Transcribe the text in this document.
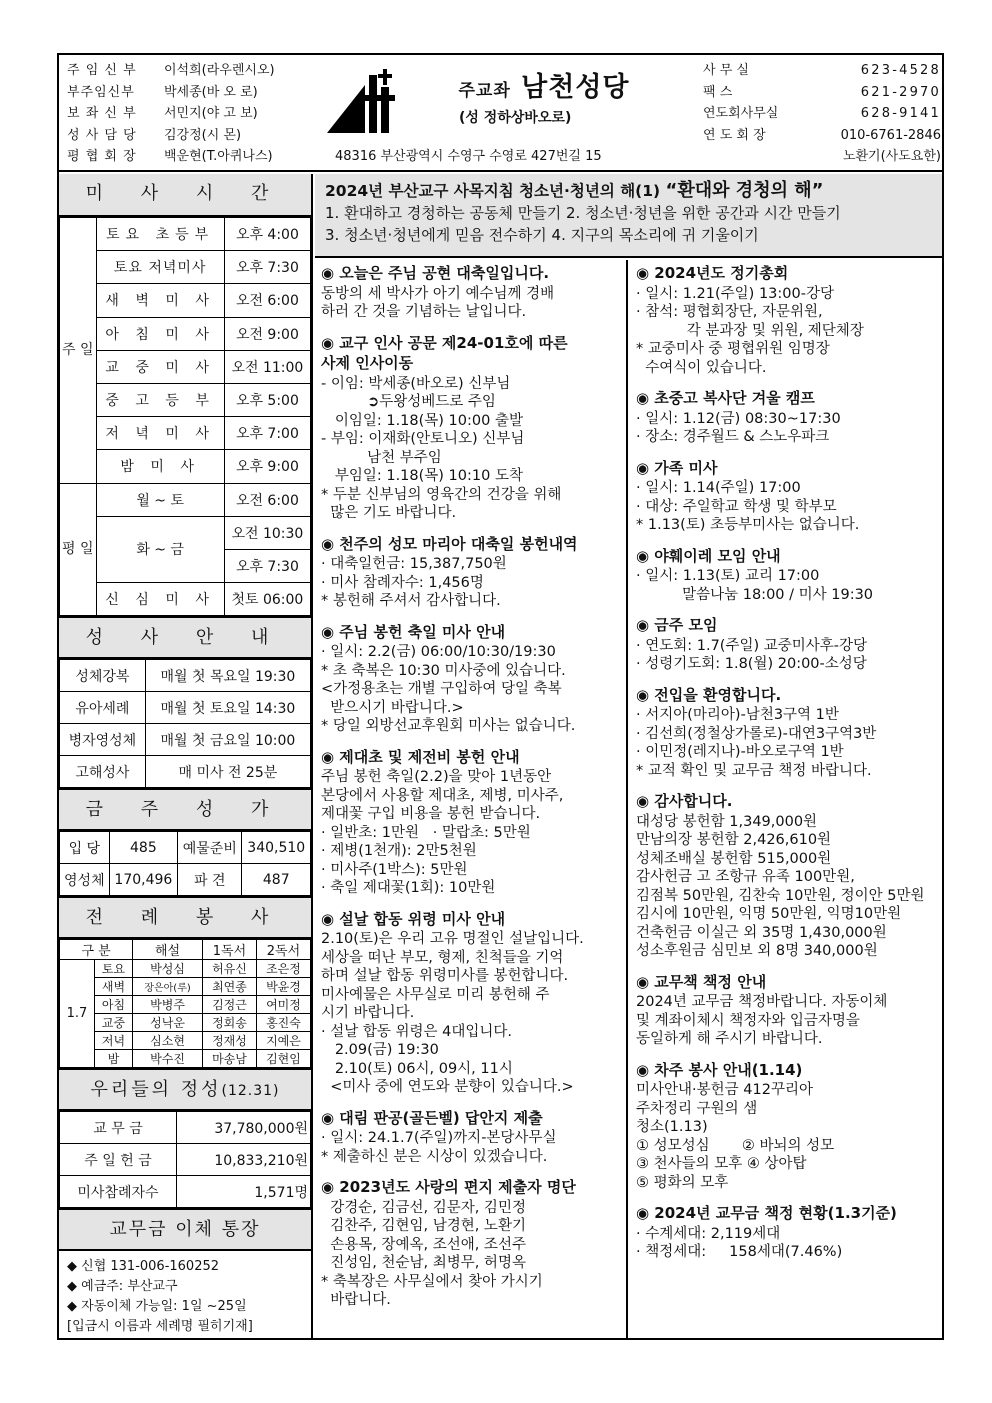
주 임 신 부	이석희(라우렌시오)
부주임신부	박세종(바 오 로)
보 좌 신 부	서민지(야 고 보)
성 사 담 당	김강정(시 몬)
평 협 회 장	백운현(T.아퀴나스)
주교좌 남천성당
(성 정하상바오로)
48316 부산광역시 수영구 수영로 427번길 15
사 무 실	623-4528
팩 스	621-2970
연도회사무실	628-9141
연 도 회 장	010-6761-2846
노환기(사도요한)
미 사 시 간
주 일	토요 초등부	오후 4:00
	토요 저녁미사	오후 7:30
	새 벽 미 사	오전 6:00
	아 침 미 사	오전 9:00
	교 중 미 사	오전 11:00
	중 고 등 부	오후 5:00
	저 녁 미 사	오후 7:00
	밤 미 사	오후 9:00
평 일	월 ~ 토	오전 6:00
	화 ~ 금	오전 10:30
		오후 7:30
	신 심 미 사	첫토 06:00
성 사 안 내
성체강복	매월 첫 목요일 19:30
유아세례	매월 첫 토요일 14:30
병자영성체	매월 첫 금요일 10:00
고해성사	매 미사 전 25분
금 주 성 가
입 당	485	예물준비	340,510
영성체	170,496	파 견	487
전 례 봉 사
구 분		해설	1독서	2독서
1.7	토요	박성심	허유신	조은정
	새벽	장은아(루)	최연종	박윤경
	아침	박병주	김정근	여미정
	교중	성낙운	정회송	홍진숙
	저녁	심소현	정재성	지예은
	밤	박수진	마송남	김현임
우리들의 정성(12.31)
교 무 금	37,780,000원
주 일 헌 금	10,833,210원
미사참례자수	1,571명
교무금 이체 통장
◆ 신협 131-006-160252
◆ 예금주: 부산교구
◆ 자동이체 가능일: 1일 ~25일
[입금시 이름과 세례명 필히기재]
2024년 부산교구 사목지침 청소년·청년의 해(1) “환대와 경청의 해”
1. 환대하고 경청하는 공동체 만들기 2. 청소년·청년을 위한 공간과 시간 만들기
3. 청소년·청년에게 믿음 전수하기 4. 지구의 목소리에 귀 기울이기
◉ 오늘은 주님 공현 대축일입니다.

동방의 세 박사가 아기 예수님께 경배

하러 간 것을 기념하는 날입니다.

◉ 교구 인사 공문 제24-01호에 따른
사제 인사이동

- 이임: 박세종(바오로) 신부님

➲두왕성베드로 주임

이임일: 1.18(목) 10:00 출발

- 부임: 이재화(안토니오) 신부님

남천 부주임

부임일: 1.18(목) 10:10 도착

* 두분 신부님의 영육간의 건강을 위해

많은 기도 바랍니다.

◉ 천주의 성모 마리아 대축일 봉헌내역

· 대축일헌금: 15,387,750원

· 미사 참례자수: 1,456명

* 봉헌해 주셔서 감사합니다.

◉ 주님 봉헌 축일 미사 안내

· 일시: 2.2(금) 06:00/10:30/19:30

* 초 축복은 10:30 미사중에 있습니다.

<가정용초는 개별 구입하여 당일 축복

받으시기 바랍니다.>

* 당일 외방선교후원회 미사는 없습니다.

◉ 제대초 및 제전비 봉헌 안내

주님 봉헌 축일(2.2)을 맞아 1년동안

본당에서 사용할 제대초, 제병, 미사주,

제대꽃 구입 비용을 봉헌 받습니다.

· 일반초: 1만원   · 말랍초: 5만원

· 제병(1천개): 2만5천원

· 미사주(1박스): 5만원

· 축일 제대꽃(1회): 10만원

◉ 설날 합동 위령 미사 안내

2.10(토)은 우리 고유 명절인 설날입니다.

세상을 떠난 부모, 형제, 친척들을 기억

하며 설날 합동 위령미사를 봉헌합니다.

미사예물은 사무실로 미리 봉헌해 주

시기 바랍니다.

· 설날 합동 위령은 4대입니다.

2.09(금) 19:30

2.10(토) 06시, 09시, 11시

<미사 중에 연도와 분향이 있습니다.>

◉ 대림 판공(골든벨) 답안지 제출

· 일시: 24.1.7(주일)까지-본당사무실

* 제출하신 분은 시상이 있겠습니다.

◉ 2023년도 사랑의 편지 제출자 명단

강경순, 김금선, 김문자, 김민정

김찬주, 김현임, 남경현, 노환기

손용목, 장예옥, 조선애, 조선주

진성임, 천순남, 최병무, 허명옥

* 축복장은 사무실에서 찾아 가시기

바랍니다.

◉ 2024년도 정기총회

· 일시: 1.21(주일) 13:00-강당

· 참석: 평협회장단, 자문위원,

각 분과장 및 위원, 제단체장

* 교중미사 중 평협위원 임명장

수여식이 있습니다.

◉ 초중고 복사단 겨울 캠프

· 일시: 1.12(금) 08:30~17:30

· 장소: 경주월드 & 스노우파크

◉ 가족 미사

· 일시: 1.14(주일) 17:00

· 대상: 주일학교 학생 및 학부모

* 1.13(토) 초등부미사는 없습니다.

◉ 야훼이레 모임 안내

· 일시: 1.13(토) 교리 17:00

말씀나눔 18:00 / 미사 19:30

◉ 금주 모임

· 연도회: 1.7(주일) 교중미사후-강당

· 성령기도회: 1.8(월) 20:00-소성당

◉ 전입을 환영합니다.

· 서지아(마리아)-남천3구역 1반

· 김선희(정철상가롤로)-대연3구역3반

· 이민정(레지나)-바오로구역 1반

* 교적 확인 및 교무금 책정 바랍니다.

◉ 감사합니다.

대성당 봉헌함 1,349,000원

만남의장 봉헌함 2,426,610원

성체조배실 봉헌함 515,000원

감사헌금 고 조항규 유족 100만원,

김점복 50만원, 김찬숙 10만원, 정이안 5만원

김시에 10만원, 익명 50만원, 익명10만원

건축헌금 이실근 외 35명 1,430,000원

성소후원금 심민보 외 8명 340,000원

◉ 교무책 책정 안내

2024년 교무금 책정바랍니다. 자동이체

및 계좌이체시 책정자와 입금자명을

동일하게 해 주시기 바랍니다.

◉ 차주 봉사 안내(1.14)

미사안내·봉헌금 412꾸리아

주차정리 구원의 샘

청소(1.13)

① 성모성심       ② 바뇌의 성모

③ 천사들의 모후 ④ 상아탑

⑤ 평화의 모후

◉ 2024년 교무금 책정 현황(1.3기준)

· 수계세대: 2,119세대

· 책정세대:     158세대(7.46%)
